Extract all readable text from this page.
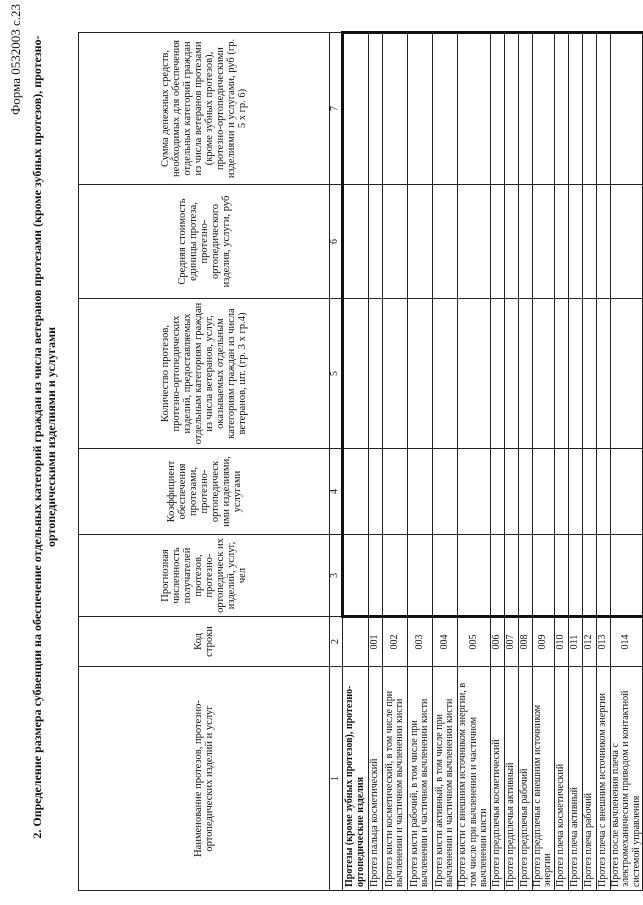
Форма 0532003 с.23 2. Определение размера субвенции на обеспечение отдельных категорий граждан из числа ветеранов протезами (кроме зубных протезов), протезно-ортопедическими изделиями и услугами
Наименование протезов, протезно-ортопедических изделий и услуг	Код строки	Прогнозная численность получателей протезов, протезно-ортопедическ их изделий, услуг, чел	Коэффициент обеспечения протезами, протезно-ортопедическ ими изделиями, услугами	Количество протезов, протезно-ортопедических изделий, предоставляемых отдельным категориям граждан из числа ветеранов, услуг, оказываемых отдельным категориям граждан из числа ветеранов, шт. (гр. 3 х гр.4)	Средняя стоимость единицы протеза, протезно-ортопедического изделия, услуги, руб	Сумма денежных средств, необходимых для обеспечения отдельных категорий граждан из числа ветеранов протезами (кроме зубных протезов), протезно-ортопедическими изделиями и услугами, руб (гр. 5 х гр. 6)
1	2	3	4	5	6	7
Протезы (кроме зубных протезов), протезно-ортопедические изделия						
Протез пальца косметический	001					
Протез кисти косметический, в том числе при вычленении и частичном вычленении кисти	002					
Протез кисти рабочий, в том числе при вычленении и частичном вычленении кисти	003					
Протез кисти активный, в том числе при вычленении и частичном вычленении кисти	004					
Протез кисти с внешним источником энергии, в том числе при вычленении и частичном вычленении кисти	005					
Протез предплечья косметический	006					
Протез предплечья активный	007					
Протез предплечья рабочий	008					
Протез предплечья с внешним источником энергии	009					
Протез плеча косметический	010					
Протез плеча активный	011					
Протез плеча рабочий	012					
Протез плеча с внешним источником энергии	013					
Протез после вычленения плеча с электромеханическим приводом и контактной системой управления	014					
